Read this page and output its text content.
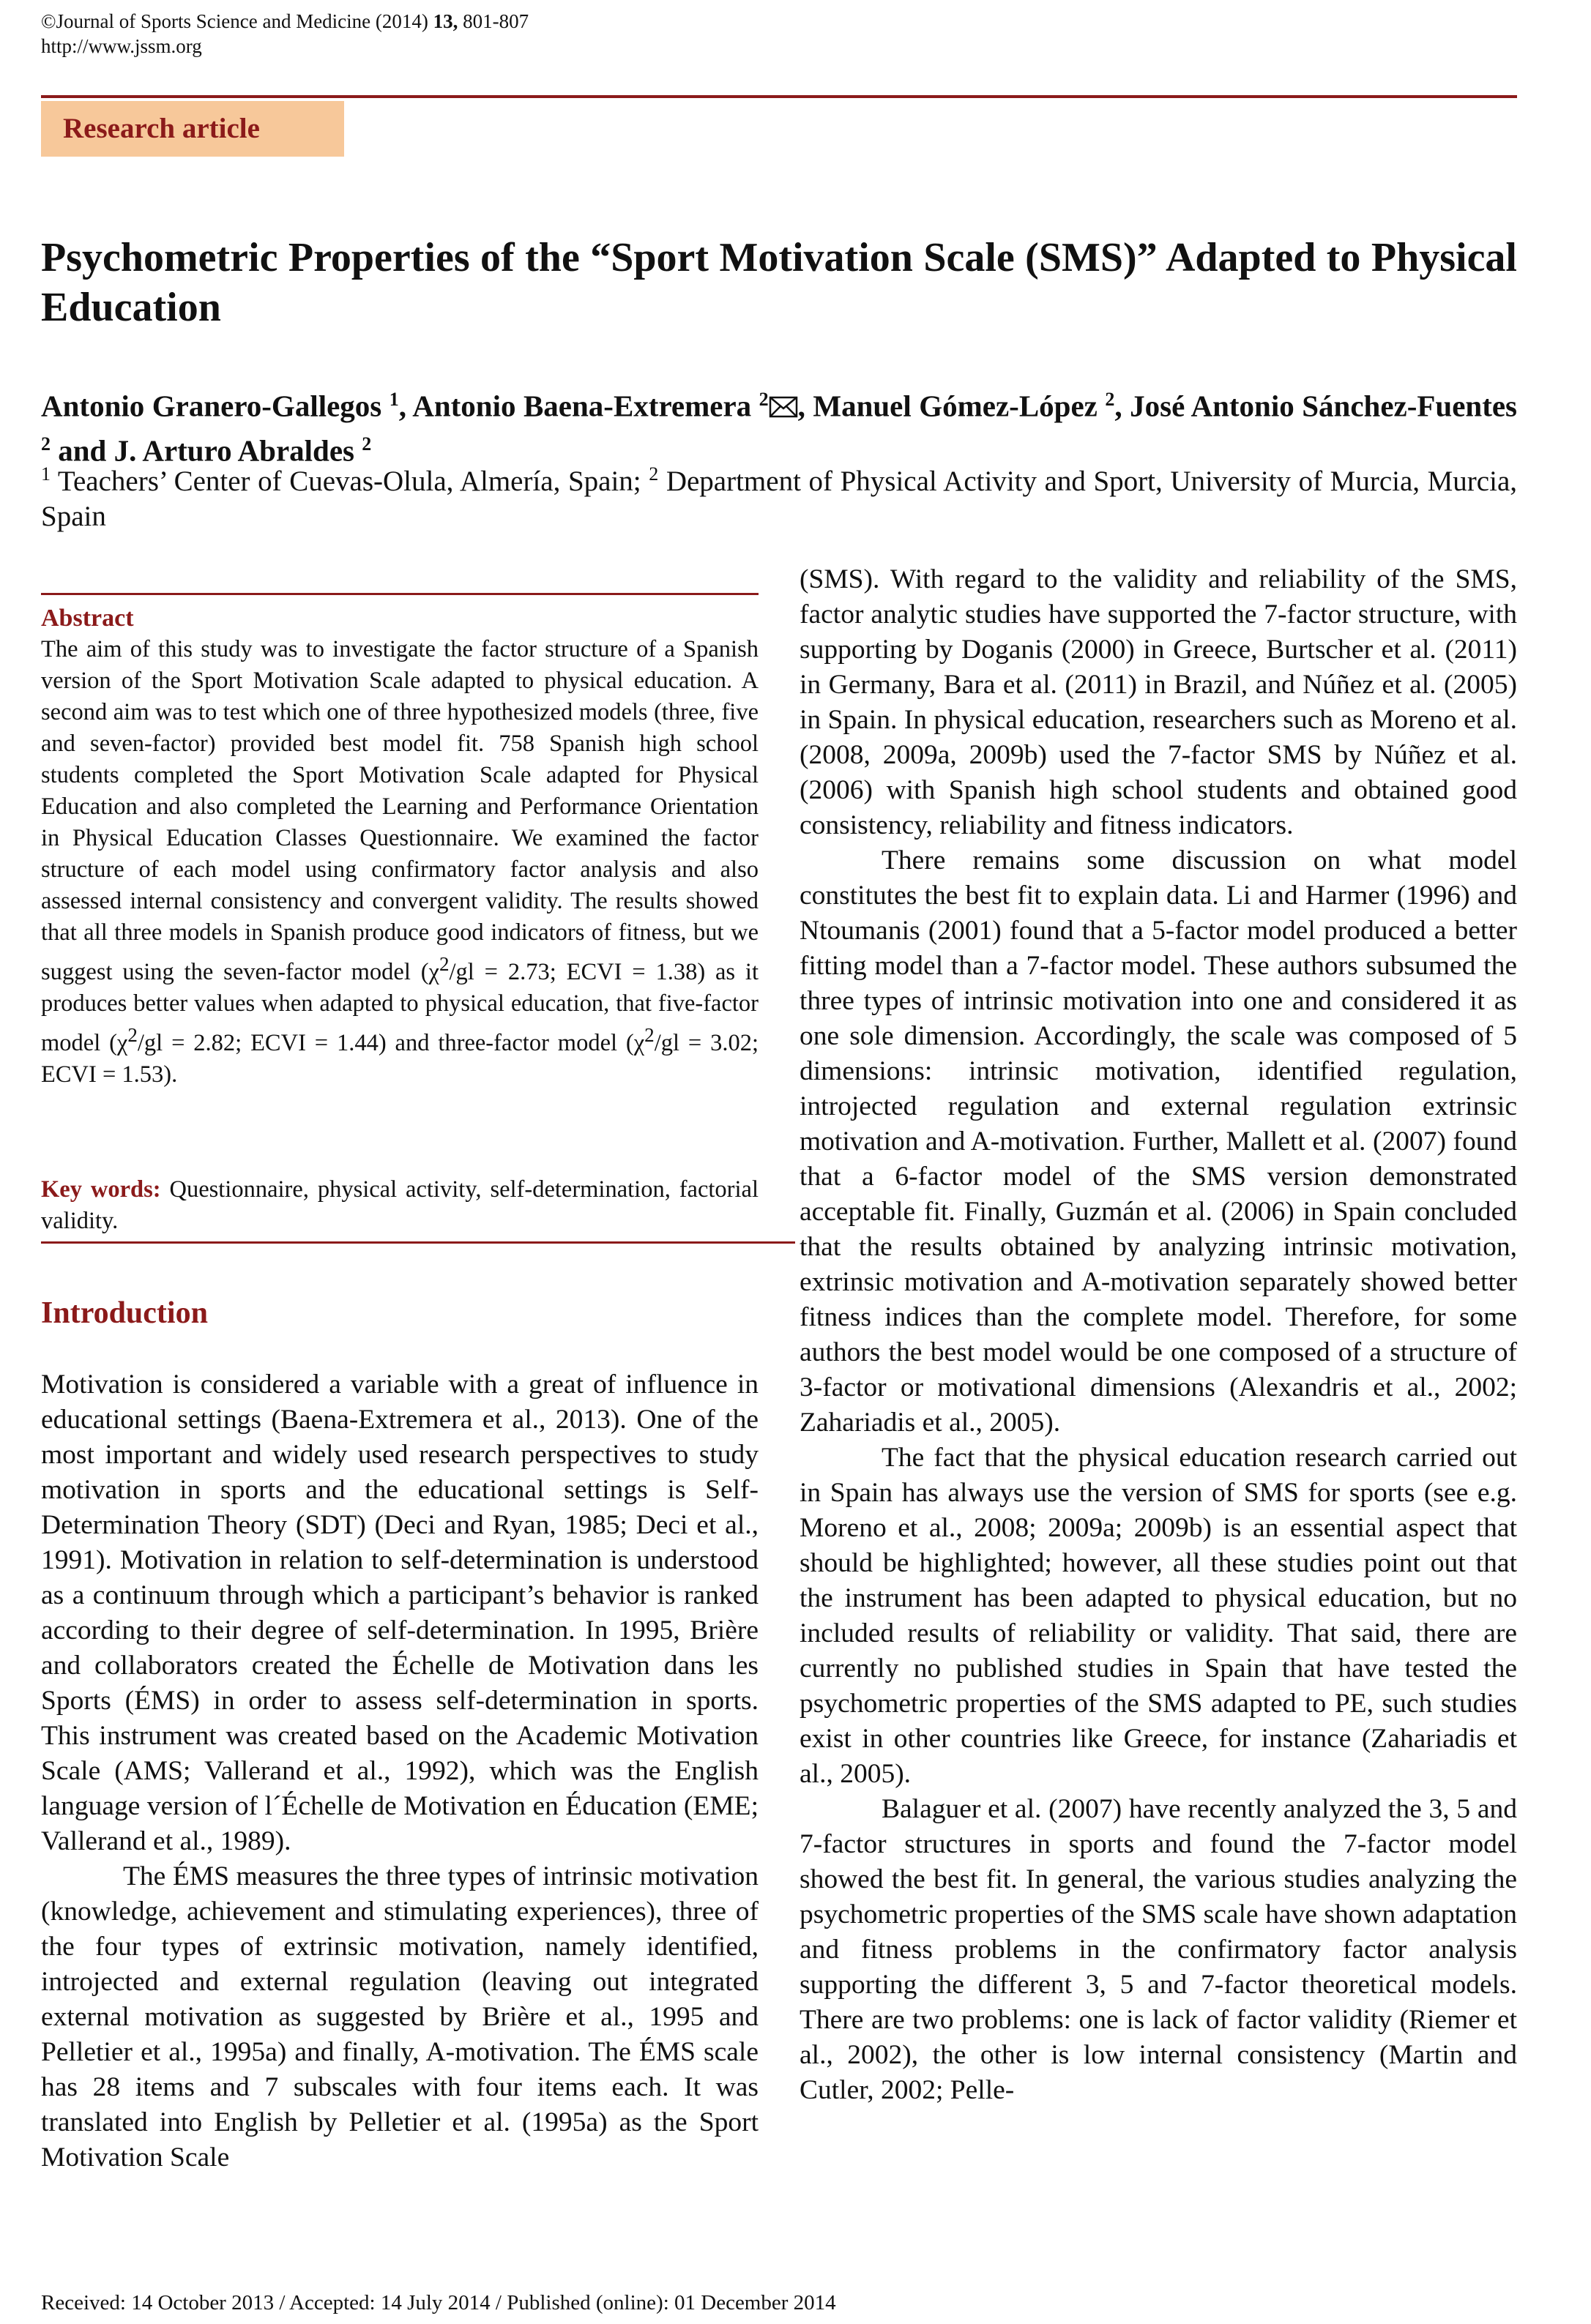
©Journal of Sports Science and Medicine (2014) 13, 801-807
http://www.jssm.org
Research article
Psychometric Properties of the “Sport Motivation Scale (SMS)” Adapted to Physical Education
Antonio Granero-Gallegos $^1$, Antonio Baena-Extremera $^2$ , Manuel Gómez-López $^2$, José Antonio Sánchez-Fuentes $^2$ and J. Arturo Abraldes $^2$
$^1$ Teachers’ Center of Cuevas-Olula, Almería, Spain; $^2$ Department of Physical Activity and Sport, University of Murcia, Murcia, Spain
Abstract
The aim of this study was to investigate the factor structure of a Spanish version of the Sport Motivation Scale adapted to physical education. A second aim was to test which one of three hypothesized models (three, five and seven-factor) provided best model fit. 758 Spanish high school students completed the Sport Motivation Scale adapted for Physical Education and also completed the Learning and Performance Orientation in Physical Education Classes Questionnaire. We examined the factor structure of each model using confirmatory factor analysis and also assessed internal consistency and convergent validity. The results showed that all three models in Spanish produce good indicators of fitness, but we suggest using the seven-factor model ($\chi^2/gl = 2.73$; ECVI = 1.38) as it produces better values when adapted to physical education, that five-factor model ($\chi^2/gl = 2.82$; ECVI = 1.44) and three-factor model ($\chi^2/gl = 3.02$; ECVI = 1.53).
Key words: Questionnaire, physical activity, self-determination, factorial validity.
Introduction

Motivation is considered a variable with a great of influence in educational settings (Baena-Extremera et al., 2013). One of the most important and widely used research perspectives to study motivation in sports and the educational settings is Self-Determination Theory (SDT) (Deci and Ryan, 1985; Deci et al., 1991). Motivation in relation to self-determination is understood as a continuum through which a participant’s behavior is ranked according to their degree of self-determination. In 1995, Brière and collaborators created the Échelle de Motivation dans les Sports (ÉMS) in order to assess self-determination in sports. This instrument was created based on the Academic Motivation Scale (AMS; Vallerand et al., 1992), which was the English language version of l´Échelle de Motivation en Éducation (EME; Vallerand et al., 1989).

The ÉMS measures the three types of intrinsic motivation (knowledge, achievement and stimulating experiences), three of the four types of extrinsic motivation, namely identified, introjected and external regulation (leaving out integrated external motivation as suggested by Brière et al., 1995 and Pelletier et al., 1995a) and finally, A-motivation. The ÉMS scale has 28 items and 7 subscales with four items each. It was translated into English by Pelletier et al. (1995a) as the Sport Motivation Scale

(SMS). With regard to the validity and reliability of the SMS, factor analytic studies have supported the 7-factor structure, with supporting by Doganis (2000) in Greece, Burtscher et al. (2011) in Germany, Bara et al. (2011) in Brazil, and Núñez et al. (2005) in Spain. In physical education, researchers such as Moreno et al. (2008, 2009a, 2009b) used the 7-factor SMS by Núñez et al. (2006) with Spanish high school students and obtained good consistency, reliability and fitness indicators.

There remains some discussion on what model constitutes the best fit to explain data. Li and Harmer (1996) and Ntoumanis (2001) found that a 5-factor model produced a better fitting model than a 7-factor model. These authors subsumed the three types of intrinsic motivation into one and considered it as one sole dimension. Accordingly, the scale was composed of 5 dimensions: intrinsic motivation, identified regulation, introjected regulation and external regulation extrinsic motivation and A-motivation. Further, Mallett et al. (2007) found that a 6-factor model of the SMS version demonstrated acceptable fit. Finally, Guzmán et al. (2006) in Spain concluded that the results obtained by analyzing intrinsic motivation, extrinsic motivation and A-motivation separately showed better fitness indices than the complete model. Therefore, for some authors the best model would be one composed of a structure of 3-factor or motivational dimensions (Alexandris et al., 2002; Zahariadis et al., 2005).

The fact that the physical education research carried out in Spain has always use the version of SMS for sports (see e.g. Moreno et al., 2008; 2009a; 2009b) is an essential aspect that should be highlighted; however, all these studies point out that the instrument has been adapted to physical education, but no included results of reliability or validity. That said, there are currently no published studies in Spain that have tested the psychometric properties of the SMS adapted to PE, such studies exist in other countries like Greece, for instance (Zahariadis et al., 2005).

Balaguer et al. (2007) have recently analyzed the 3, 5 and 7-factor structures in sports and found the 7-factor model showed the best fit. In general, the various studies analyzing the psychometric properties of the SMS scale have shown adaptation and fitness problems in the confirmatory factor analysis supporting the different 3, 5 and 7-factor theoretical models. There are two problems: one is lack of factor validity (Riemer et al., 2002), the other is low internal consistency (Martin and Cutler, 2002; Pelle-

Received: 14 October 2013 / Accepted: 14 July 2014 / Published (online): 01 December 2014
